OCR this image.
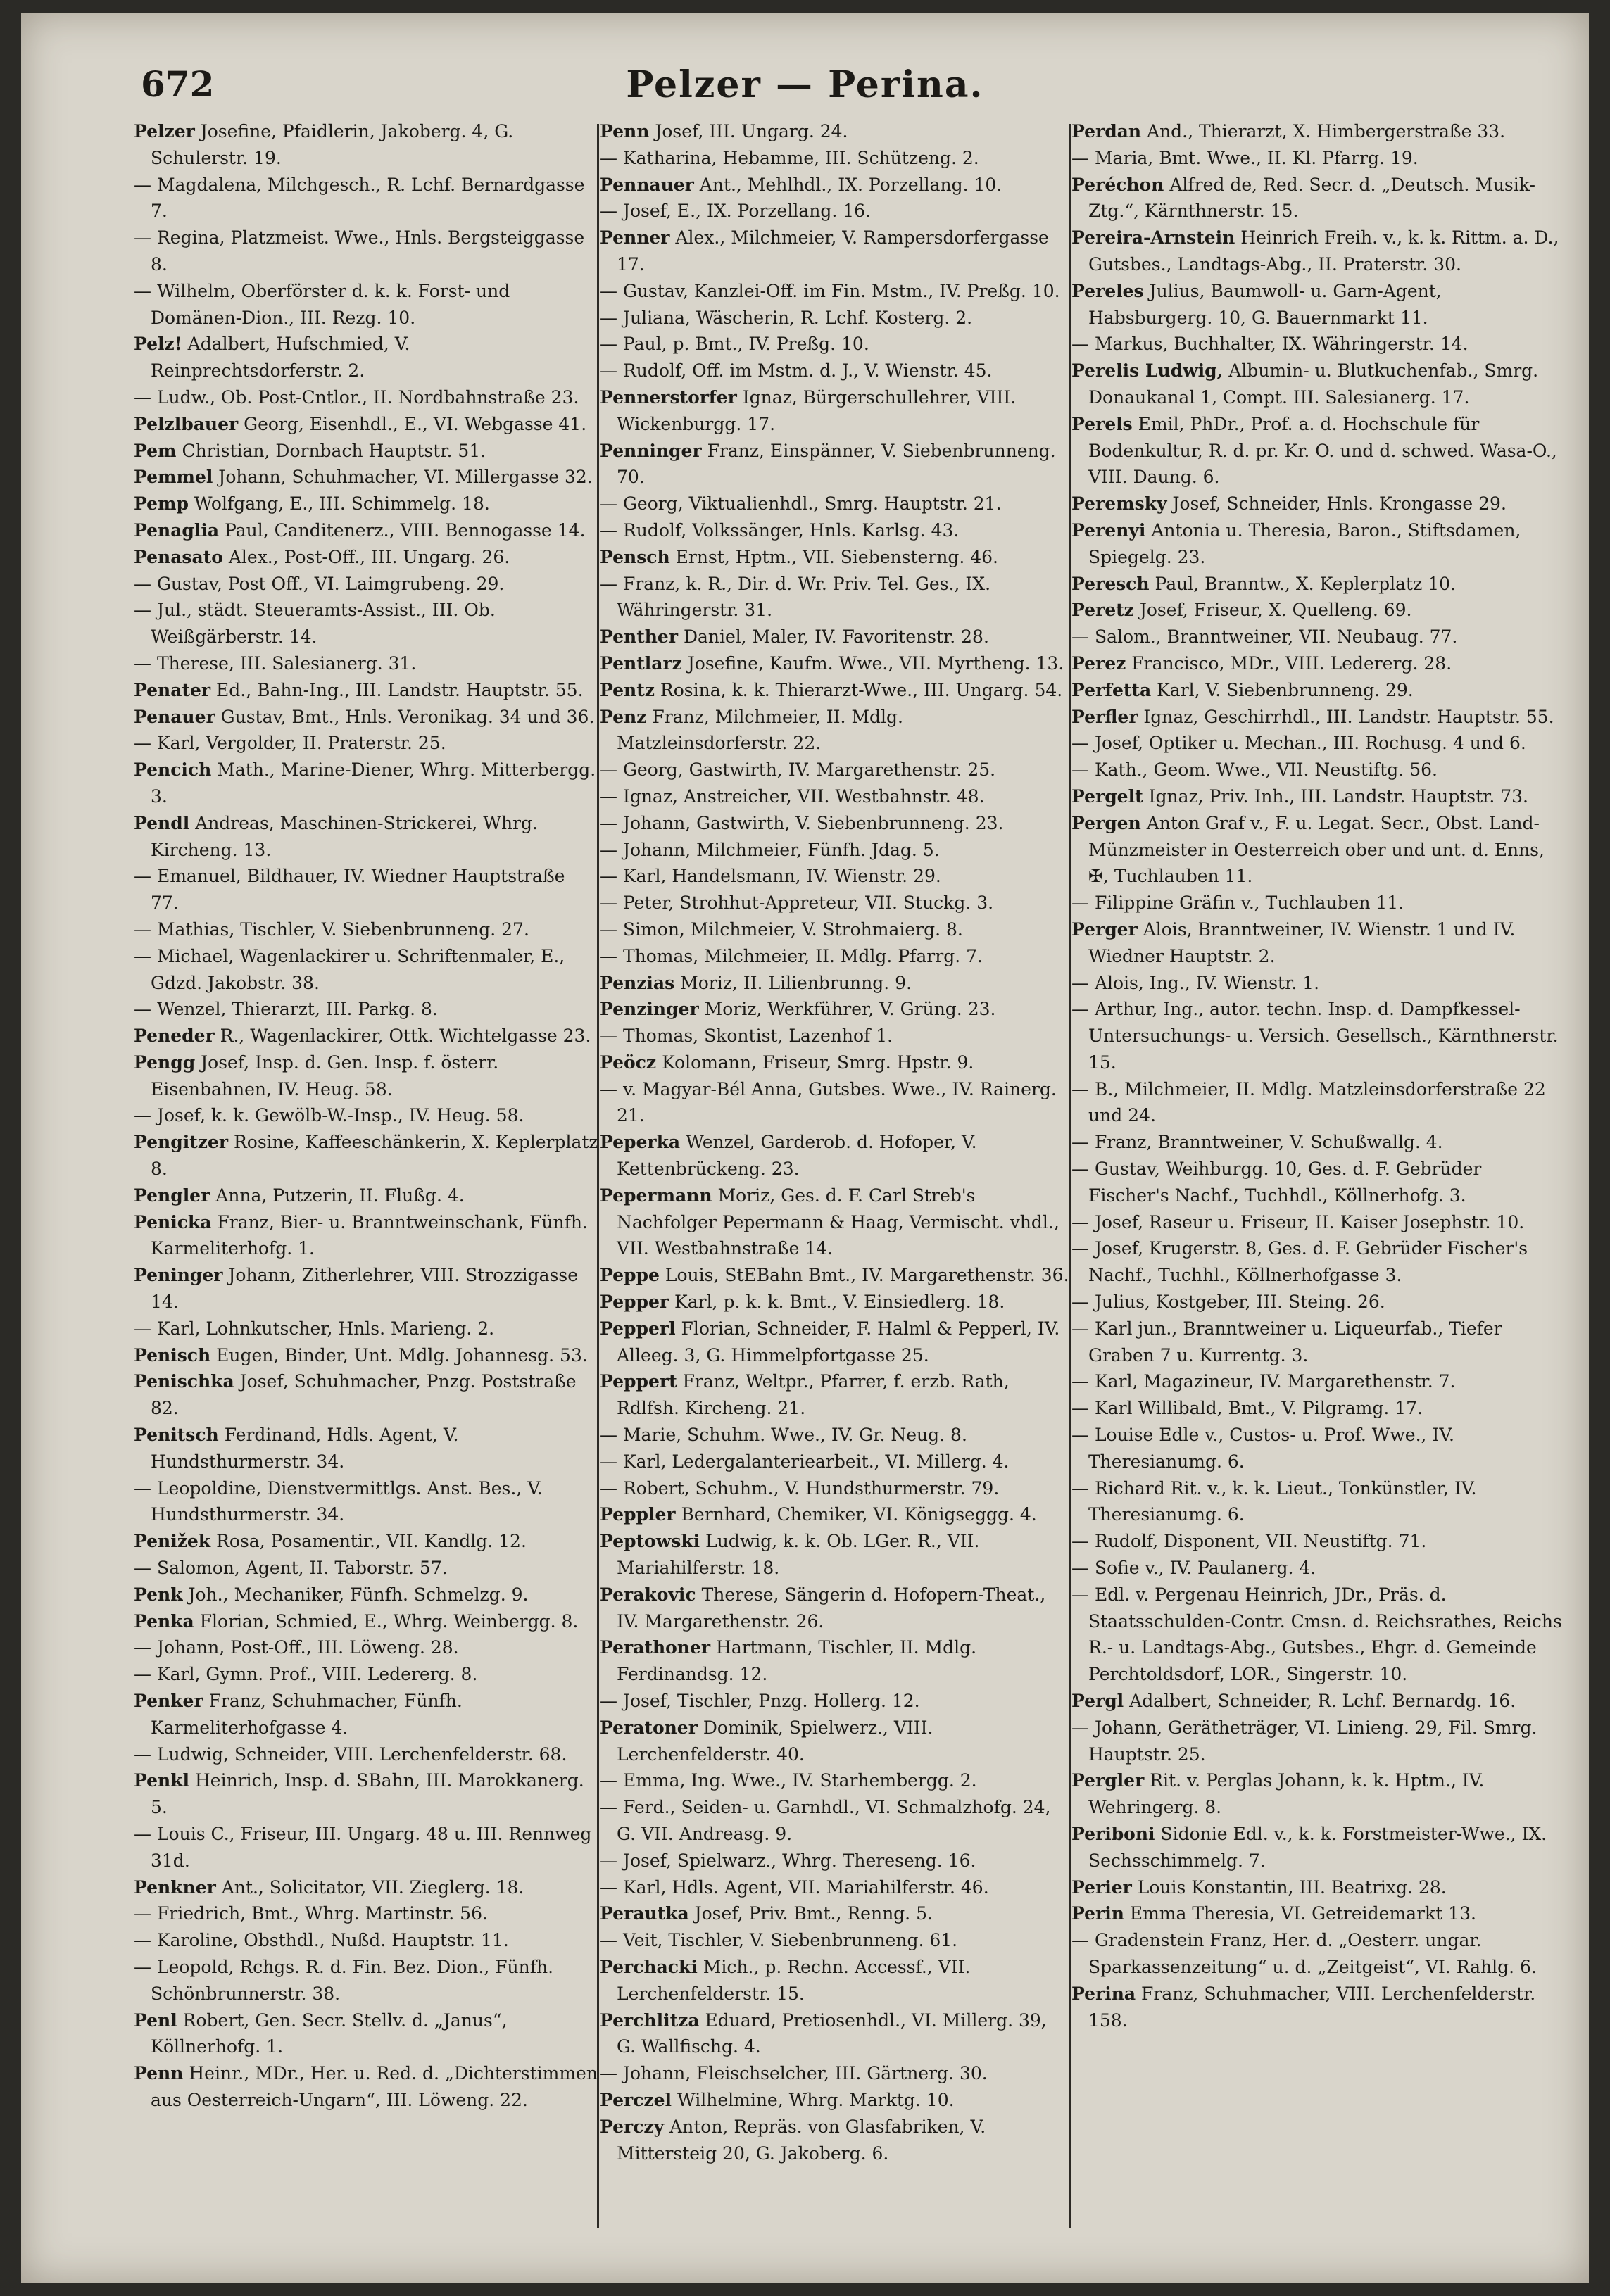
672	Pelzer — Perina.

Pelzer Josefine, Pfaidlerin, Jakoberg. 4, G. Schulerstr. 19.

— Magdalena, Milchgesch., R. Lchf. Bernardgasse 7.

— Regina, Platzmeist. Wwe., Hnls. Bergsteiggasse 8.

— Wilhelm, Oberförster d. k. k. Forst- und Domänen-Dion., III. Rezg. 10.

Pelz! Adalbert, Hufschmied, V. Reinprechtsdorferstr. 2.

— Ludw., Ob. Post-Cntlor., II. Nordbahnstraße 23.

Pelzlbauer Georg, Eisenhdl., E., VI. Webgasse 41.

Pem Christian, Dornbach Hauptstr. 51.

Pemmel Johann, Schuhmacher, VI. Millergasse 32.

Pemp Wolfgang, E., III. Schimmelg. 18.

Penaglia Paul, Canditenerz., VIII. Bennogasse 14.

Penasato Alex., Post-Off., III. Ungarg. 26.

— Gustav, Post Off., VI. Laimgrubeng. 29.

— Jul., städt. Steueramts-Assist., III. Ob. Weißgärberstr. 14.

— Therese, III. Salesianerg. 31.

Penater Ed., Bahn-Ing., III. Landstr. Hauptstr. 55.

Penauer Gustav, Bmt., Hnls. Veronikag. 34 und 36.

— Karl, Vergolder, II. Praterstr. 25.

Pencich Math., Marine-Diener, Whrg. Mitterbergg. 3.

Pendl Andreas, Maschinen-Strickerei, Whrg. Kircheng. 13.

— Emanuel, Bildhauer, IV. Wiedner Hauptstraße 77.

— Mathias, Tischler, V. Siebenbrunneng. 27.

— Michael, Wagenlackirer u. Schriftenmaler, E., Gdzd. Jakobstr. 38.

— Wenzel, Thierarzt, III. Parkg. 8.

Peneder R., Wagenlackirer, Ottk. Wichtelgasse 23.

Pengg Josef, Insp. d. Gen. Insp. f. österr. Eisenbahnen, IV. Heug. 58.

— Josef, k. k. Gewölb-W.-Insp., IV. Heug. 58.

Pengitzer Rosine, Kaffeeschänkerin, X. Keplerplatz 8.

Pengler Anna, Putzerin, II. Flußg. 4.

Penicka Franz, Bier- u. Branntweinschank, Fünfh. Karmeliterhofg. 1.

Peninger Johann, Zitherlehrer, VIII. Strozzigasse 14.

— Karl, Lohnkutscher, Hnls. Marieng. 2.

Penisch Eugen, Binder, Unt. Mdlg. Johannesg. 53.

Penischka Josef, Schuhmacher, Pnzg. Poststraße 82.

Penitsch Ferdinand, Hdls. Agent, V. Hundsthurmerstr. 34.

— Leopoldine, Dienstvermittlgs. Anst. Bes., V. Hundsthurmerstr. 34.

Penižek Rosa, Posamentir., VII. Kandlg. 12.

— Salomon, Agent, II. Taborstr. 57.

Penk Joh., Mechaniker, Fünfh. Schmelzg. 9.

Penka Florian, Schmied, E., Whrg. Weinbergg. 8.

— Johann, Post-Off., III. Löweng. 28.

— Karl, Gymn. Prof., VIII. Ledererg. 8.

Penker Franz, Schuhmacher, Fünfh. Karmeliterhofgasse 4.

— Ludwig, Schneider, VIII. Lerchenfelderstr. 68.

Penkl Heinrich, Insp. d. SBahn, III. Marokkanerg. 5.

— Louis C., Friseur, III. Ungarg. 48 u. III. Rennweg 31d.

Penkner Ant., Solicitator, VII. Zieglerg. 18.

— Friedrich, Bmt., Whrg. Martinstr. 56.

— Karoline, Obsthdl., Nußd. Hauptstr. 11.

— Leopold, Rchgs. R. d. Fin. Bez. Dion., Fünfh. Schönbrunnerstr. 38.

Penl Robert, Gen. Secr. Stellv. d. „Janus“, Köllnerhofg. 1.

Penn Heinr., MDr., Her. u. Red. d. „Dichterstimmen aus Oesterreich-Ungarn“, III. Löweng. 22.

Penn Josef, III. Ungarg. 24.

— Katharina, Hebamme, III. Schützeng. 2.

Pennauer Ant., Mehlhdl., IX. Porzellang. 10.

— Josef, E., IX. Porzellang. 16.

Penner Alex., Milchmeier, V. Rampersdorfergasse 17.

— Gustav, Kanzlei-Off. im Fin. Mstm., IV. Preßg. 10.

— Juliana, Wäscherin, R. Lchf. Kosterg. 2.

— Paul, p. Bmt., IV. Preßg. 10.

— Rudolf, Off. im Mstm. d. J., V. Wienstr. 45.

Pennerstorfer Ignaz, Bürgerschullehrer, VIII. Wickenburgg. 17.

Penninger Franz, Einspänner, V. Siebenbrunneng. 70.

— Georg, Viktualienhdl., Smrg. Hauptstr. 21.

— Rudolf, Volkssänger, Hnls. Karlsg. 43.

Pensch Ernst, Hptm., VII. Siebensterng. 46.

— Franz, k. R., Dir. d. Wr. Priv. Tel. Ges., IX. Währingerstr. 31.

Penther Daniel, Maler, IV. Favoritenstr. 28.

Pentlarz Josefine, Kaufm. Wwe., VII. Myrtheng. 13.

Pentz Rosina, k. k. Thierarzt-Wwe., III. Ungarg. 54.

Penz Franz, Milchmeier, II. Mdlg. Matzleinsdorferstr. 22.

— Georg, Gastwirth, IV. Margarethenstr. 25.

— Ignaz, Anstreicher, VII. Westbahnstr. 48.

— Johann, Gastwirth, V. Siebenbrunneng. 23.

— Johann, Milchmeier, Fünfh. Jdag. 5.

— Karl, Handelsmann, IV. Wienstr. 29.

— Peter, Strohhut-Appreteur, VII. Stuckg. 3.

— Simon, Milchmeier, V. Strohmaierg. 8.

— Thomas, Milchmeier, II. Mdlg. Pfarrg. 7.

Penzias Moriz, II. Lilienbrunng. 9.

Penzinger Moriz, Werkführer, V. Grüng. 23.

— Thomas, Skontist, Lazenhof 1.

Peöcz Kolomann, Friseur, Smrg. Hpstr. 9.

— v. Magyar-Bél Anna, Gutsbes. Wwe., IV. Rainerg. 21.

Peperka Wenzel, Garderob. d. Hofoper, V. Kettenbrückeng. 23.

Pepermann Moriz, Ges. d. F. Carl Streb's Nachfolger Pepermann & Haag, Vermischt. vhdl., VII. Westbahnstraße 14.

Peppe Louis, StEBahn Bmt., IV. Margarethenstr. 36.

Pepper Karl, p. k. k. Bmt., V. Einsiedlerg. 18.

Pepperl Florian, Schneider, F. Halml & Pepperl, IV. Alleeg. 3, G. Himmelpfortgasse 25.

Peppert Franz, Weltpr., Pfarrer, f. erzb. Rath, Rdlfsh. Kircheng. 21.

— Marie, Schuhm. Wwe., IV. Gr. Neug. 8.

— Karl, Ledergalanteriearbeit., VI. Millerg. 4.

— Robert, Schuhm., V. Hundsthurmerstr. 79.

Peppler Bernhard, Chemiker, VI. Königseggg. 4.

Peptowski Ludwig, k. k. Ob. LGer. R., VII. Mariahilferstr. 18.

Perakovic Therese, Sängerin d. Hofopern-Theat., IV. Margarethenstr. 26.

Perathoner Hartmann, Tischler, II. Mdlg. Ferdinandsg. 12.

— Josef, Tischler, Pnzg. Hollerg. 12.

Peratoner Dominik, Spielwerz., VIII. Lerchenfelderstr. 40.

— Emma, Ing. Wwe., IV. Starhembergg. 2.

— Ferd., Seiden- u. Garnhdl., VI. Schmalzhofg. 24, G. VII. Andreasg. 9.

— Josef, Spielwarz., Whrg. Thereseng. 16.

— Karl, Hdls. Agent, VII. Mariahilferstr. 46.

Perautka Josef, Priv. Bmt., Renng. 5.

— Veit, Tischler, V. Siebenbrunneng. 61.

Perchacki Mich., p. Rechn. Accessf., VII. Lerchenfelderstr. 15.

Perchlitza Eduard, Pretiosenhdl., VI. Millerg. 39, G. Wallfischg. 4.

— Johann, Fleischselcher, III. Gärtnerg. 30.

Perczel Wilhelmine, Whrg. Marktg. 10.

Perczy Anton, Repräs. von Glasfabriken, V. Mittersteig 20, G. Jakoberg. 6.

Perdan And., Thierarzt, X. Himbergerstraße 33.

— Maria, Bmt. Wwe., II. Kl. Pfarrg. 19.

Peréchon Alfred de, Red. Secr. d. „Deutsch. Musik-Ztg.“, Kärnthnerstr. 15.

Pereira-Arnstein Heinrich Freih. v., k. k. Rittm. a. D., Gutsbes., Landtags-Abg., II. Praterstr. 30.

Pereles Julius, Baumwoll- u. Garn-Agent, Habsburgerg. 10, G. Bauernmarkt 11.

— Markus, Buchhalter, IX. Währingerstr. 14.

Perelis Ludwig, Albumin- u. Blutkuchenfab., Smrg. Donaukanal 1, Compt. III. Salesianerg. 17.

Perels Emil, PhDr., Prof. a. d. Hochschule für Bodenkultur, R. d. pr. Kr. O. und d. schwed. Wasa-O., VIII. Daung. 6.

Peremsky Josef, Schneider, Hnls. Krongasse 29.

Perenyi Antonia u. Theresia, Baron., Stiftsdamen, Spiegelg. 23.

Peresch Paul, Branntw., X. Keplerplatz 10.

Peretz Josef, Friseur, X. Quelleng. 69.

— Salom., Branntweiner, VII. Neubaug. 77.

Perez Francisco, MDr., VIII. Ledererg. 28.

Perfetta Karl, V. Siebenbrunneng. 29.

Perfler Ignaz, Geschirrhdl., III. Landstr. Hauptstr. 55.

— Josef, Optiker u. Mechan., III. Rochusg. 4 und 6.

— Kath., Geom. Wwe., VII. Neustiftg. 56.

Pergelt Ignaz, Priv. Inh., III. Landstr. Hauptstr. 73.

Pergen Anton Graf v., F. u. Legat. Secr., Obst. Land-Münzmeister in Oesterreich ober und unt. d. Enns, ✠, Tuchlauben 11.

— Filippine Gräfin v., Tuchlauben 11.

Perger Alois, Branntweiner, IV. Wienstr. 1 und IV. Wiedner Hauptstr. 2.

— Alois, Ing., IV. Wienstr. 1.

— Arthur, Ing., autor. techn. Insp. d. Dampfkessel-Untersuchungs- u. Versich. Gesellsch., Kärnthnerstr. 15.

— B., Milchmeier, II. Mdlg. Matzleinsdorferstraße 22 und 24.

— Franz, Branntweiner, V. Schußwallg. 4.

— Gustav, Weihburgg. 10, Ges. d. F. Gebrüder Fischer's Nachf., Tuchhdl., Köllnerhofg. 3.

— Josef, Raseur u. Friseur, II. Kaiser Josephstr. 10.

— Josef, Krugerstr. 8, Ges. d. F. Gebrüder Fischer's Nachf., Tuchhl., Köllnerhofgasse 3.

— Julius, Kostgeber, III. Steing. 26.

— Karl jun., Branntweiner u. Liqueurfab., Tiefer Graben 7 u. Kurrentg. 3.

— Karl, Magazineur, IV. Margarethenstr. 7.

— Karl Willibald, Bmt., V. Pilgramg. 17.

— Louise Edle v., Custos- u. Prof. Wwe., IV. Theresianumg. 6.

— Richard Rit. v., k. k. Lieut., Tonkünstler, IV. Theresianumg. 6.

— Rudolf, Disponent, VII. Neustiftg. 71.

— Sofie v., IV. Paulanerg. 4.

— Edl. v. Pergenau Heinrich, JDr., Präs. d. Staatsschulden-Contr. Cmsn. d. Reichsrathes, Reichs R.- u. Landtags-Abg., Gutsbes., Ehgr. d. Gemeinde Perchtoldsdorf, LOR., Singerstr. 10.

Pergl Adalbert, Schneider, R. Lchf. Bernardg. 16.

— Johann, Gerätheträger, VI. Linieng. 29, Fil. Smrg. Hauptstr. 25.

Pergler Rit. v. Perglas Johann, k. k. Hptm., IV. Wehringerg. 8.

Periboni Sidonie Edl. v., k. k. Forstmeister-Wwe., IX. Sechsschimmelg. 7.

Perier Louis Konstantin, III. Beatrixg. 28.

Perin Emma Theresia, VI. Getreidemarkt 13.

— Gradenstein Franz, Her. d. „Oesterr. ungar. Sparkassenzeitung“ u. d. „Zeitgeist“, VI. Rahlg. 6.

Perina Franz, Schuhmacher, VIII. Lerchenfelderstr. 158.
